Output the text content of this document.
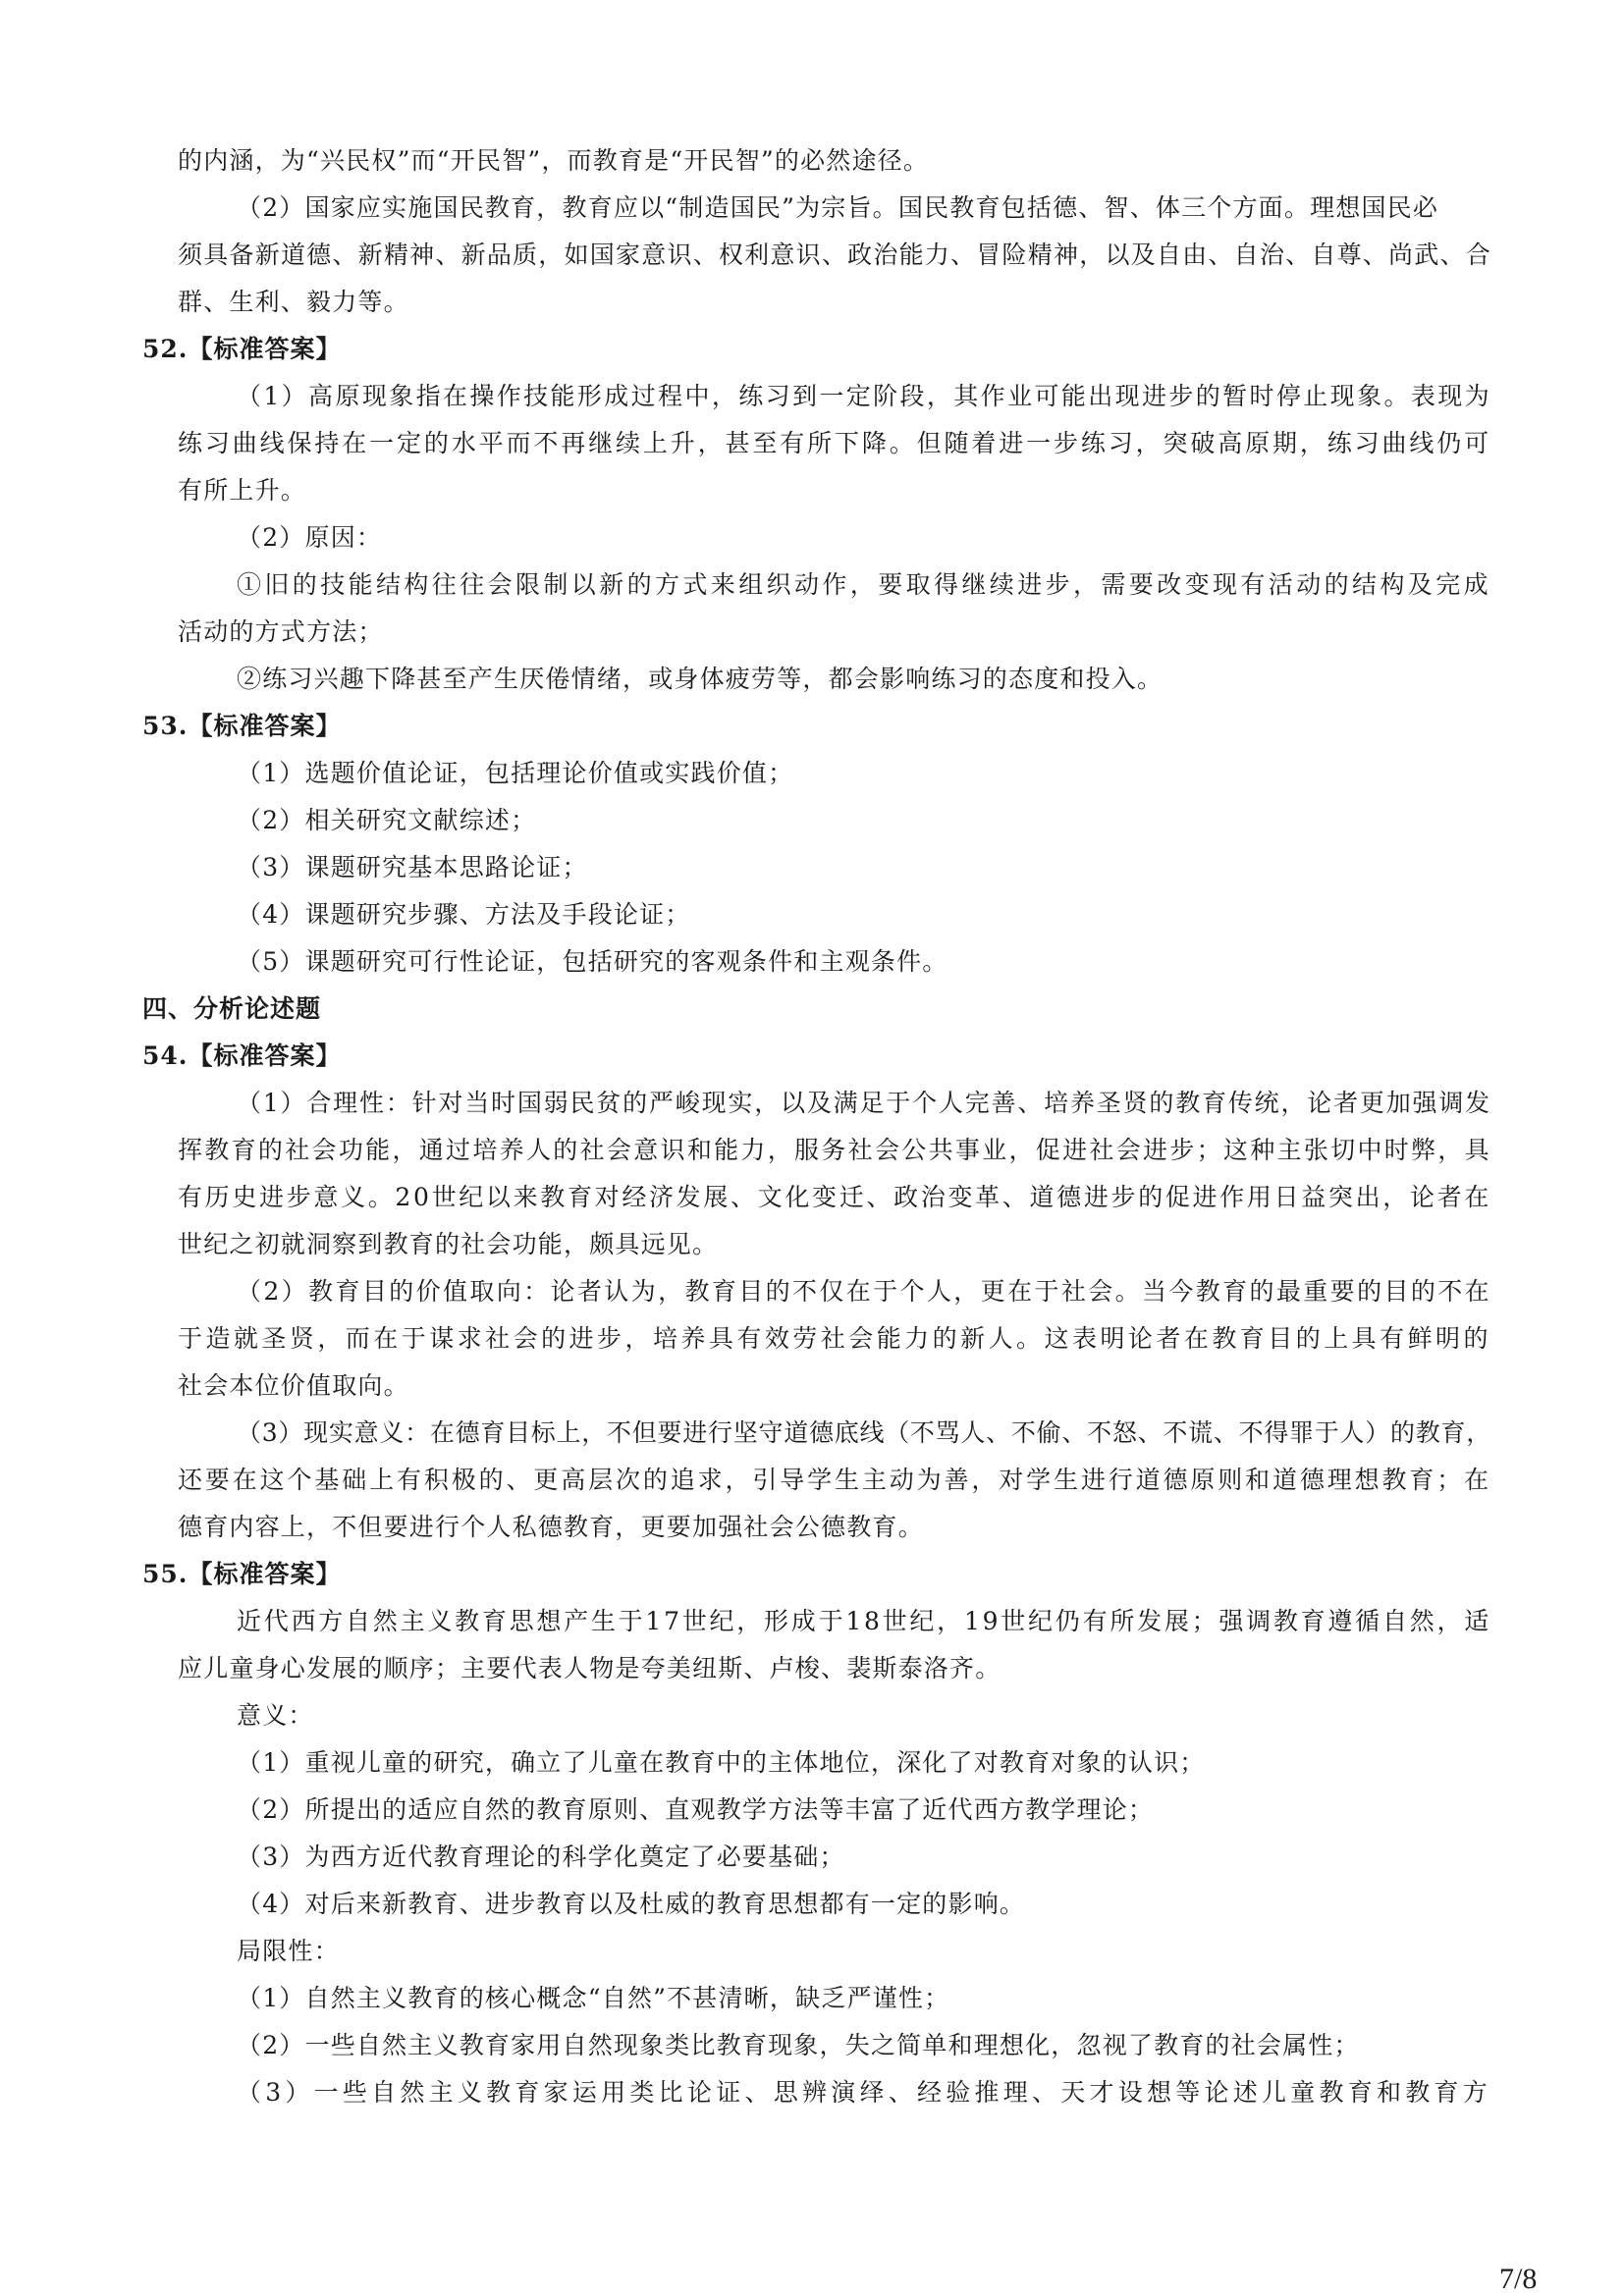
的内涵，为“兴民权”而“开民智”，而教育是“开民智”的必然途径。
（2）国家应实施国民教育，教育应以“制造国民”为宗旨。国民教育包括德、智、体三个方面。理想国民必
须具备新道德、新精神、新品质，如国家意识、权利意识、政治能力、冒险精神，以及自由、自治、自尊、尚武、合
群、生利、毅力等。
52.【标准答案】
（1）高原现象指在操作技能形成过程中，练习到一定阶段，其作业可能出现进步的暂时停止现象。表现为
练习曲线保持在一定的水平而不再继续上升，甚至有所下降。但随着进一步练习，突破高原期，练习曲线仍可
有所上升。
（2）原因：
①旧的技能结构往往会限制以新的方式来组织动作，要取得继续进步，需要改变现有活动的结构及完成
活动的方式方法；
②练习兴趣下降甚至产生厌倦情绪，或身体疲劳等，都会影响练习的态度和投入。
53.【标准答案】
（1）选题价值论证，包括理论价值或实践价值；
（2）相关研究文献综述；
（3）课题研究基本思路论证；
（4）课题研究步骤、方法及手段论证；
（5）课题研究可行性论证，包括研究的客观条件和主观条件。
四、分析论述题
54.【标准答案】
（1）合理性：针对当时国弱民贫的严峻现实，以及满足于个人完善、培养圣贤的教育传统，论者更加强调发
挥教育的社会功能，通过培养人的社会意识和能力，服务社会公共事业，促进社会进步；这种主张切中时弊，具
有历史进步意义。20世纪以来教育对经济发展、文化变迁、政治变革、道德进步的促进作用日益突出，论者在
世纪之初就洞察到教育的社会功能，颇具远见。
（2）教育目的价值取向：论者认为，教育目的不仅在于个人，更在于社会。当今教育的最重要的目的不在
于造就圣贤，而在于谋求社会的进步，培养具有效劳社会能力的新人。这表明论者在教育目的上具有鲜明的
社会本位价值取向。
（3）现实意义：在德育目标上，不但要进行坚守道德底线（不骂人、不偷、不怒、不谎、不得罪于人）的教育，
还要在这个基础上有积极的、更高层次的追求，引导学生主动为善，对学生进行道德原则和道德理想教育；在
德育内容上，不但要进行个人私德教育，更要加强社会公德教育。
55.【标准答案】
近代西方自然主义教育思想产生于17世纪，形成于18世纪，19世纪仍有所发展；强调教育遵循自然，适
应儿童身心发展的顺序；主要代表人物是夸美纽斯、卢梭、裴斯泰洛齐。
意义：
（1）重视儿童的研究，确立了儿童在教育中的主体地位，深化了对教育对象的认识；
（2）所提出的适应自然的教育原则、直观教学方法等丰富了近代西方教学理论；
（3）为西方近代教育理论的科学化奠定了必要基础；
（4）对后来新教育、进步教育以及杜威的教育思想都有一定的影响。
局限性：
（1）自然主义教育的核心概念“自然”不甚清晰，缺乏严谨性；
（2）一些自然主义教育家用自然现象类比教育现象，失之简单和理想化，忽视了教育的社会属性；
（3）一些自然主义教育家运用类比论证、思辨演绎、经验推理、天才设想等论述儿童教育和教育方
7/8
